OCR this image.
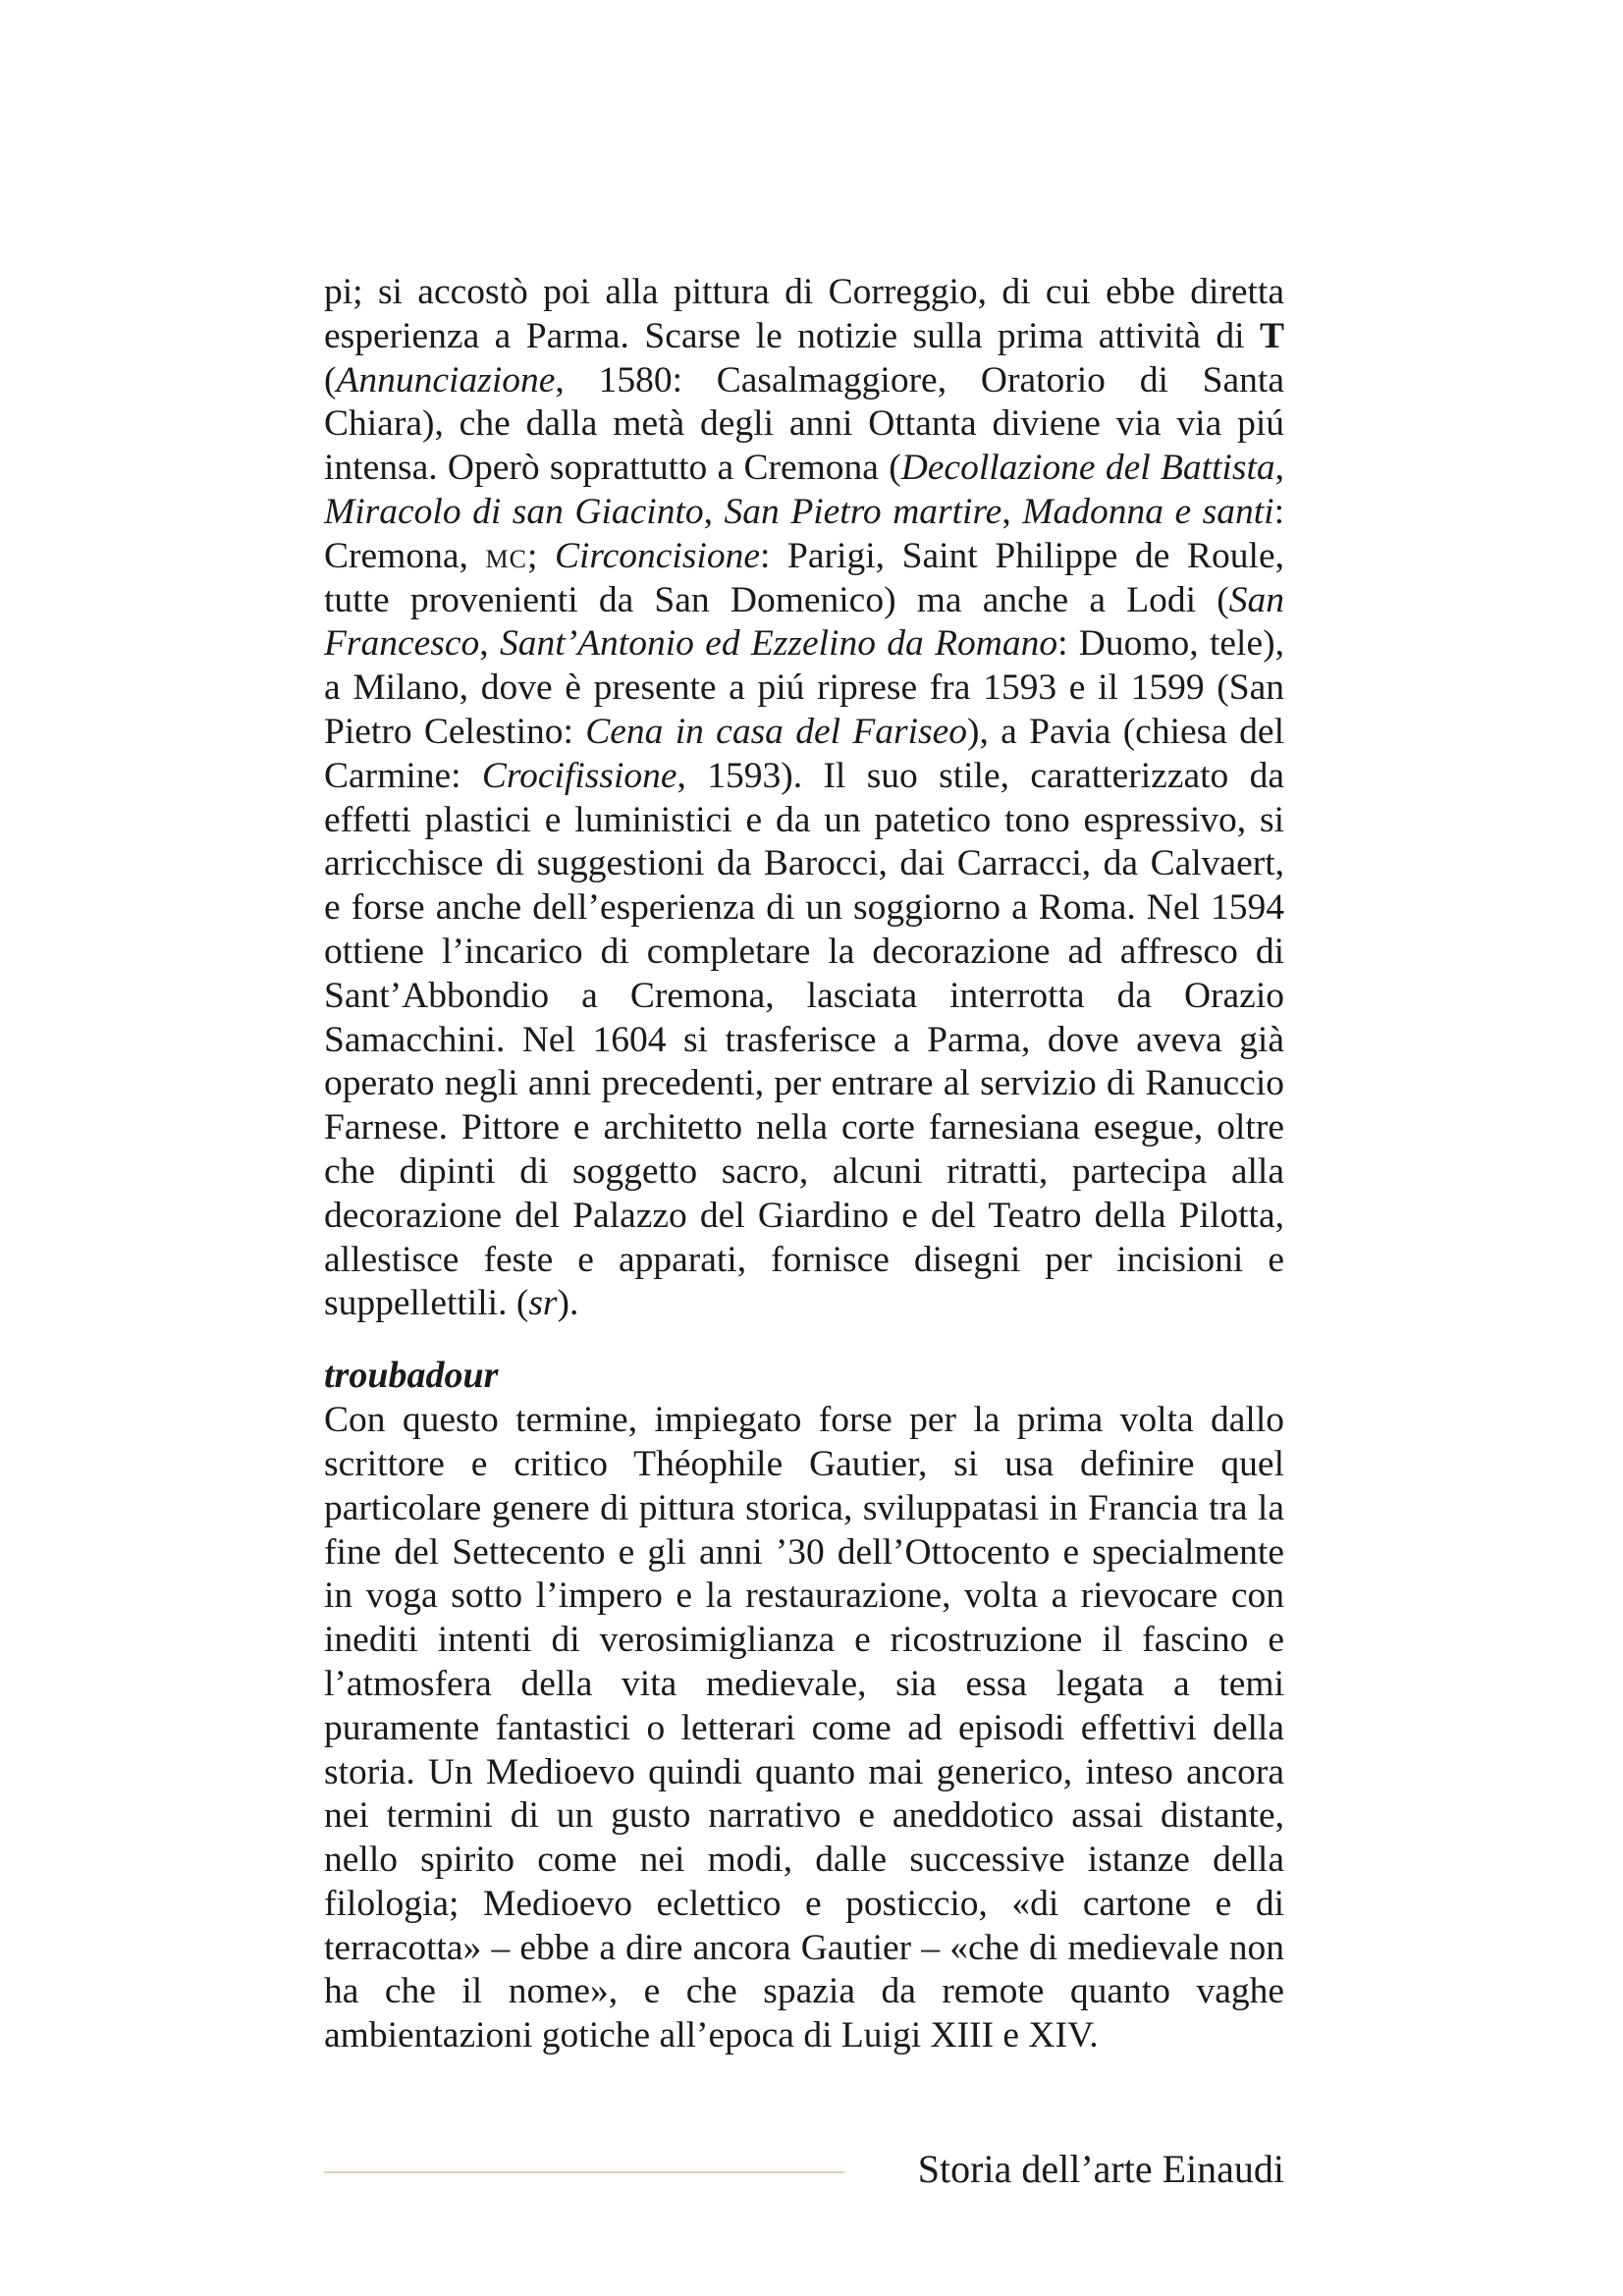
pi; si accostò poi alla pittura di Correggio, di cui ebbe diretta esperienza a Parma. Scarse le notizie sulla prima attività di T (Annunciazione, 1580: Casalmaggiore, Oratorio di Santa Chiara), che dalla metà degli anni Ottanta diviene via via piú intensa. Operò soprattutto a Cremona (Decollazione del Battista, Miracolo di san Giacinto, San Pietro martire, Madonna e santi: Cremona, mc; Circoncisione: Parigi, Saint Philippe de Roule, tutte provenienti da San Domenico) ma anche a Lodi (San Francesco, Sant’Antonio ed Ezzelino da Romano: Duomo, tele), a Milano, dove è presente a piú riprese fra 1593 e il 1599 (San Pietro Celestino: Cena in casa del Fariseo), a Pavia (chiesa del Carmine: Crocifissione, 1593). Il suo stile, caratterizzato da effetti plastici e luministici e da un patetico tono espressivo, si arricchisce di suggestioni da Barocci, dai Carracci, da Calvaert, e forse anche dell’esperienza di un soggiorno a Roma. Nel 1594 ottiene l’incarico di completare la decorazione ad affresco di Sant’Abbondio a Cremona, lasciata interrotta da Orazio Samacchini. Nel 1604 si trasferisce a Parma, dove aveva già operato negli anni precedenti, per entrare al servizio di Ranuccio Farnese. Pittore e architetto nella corte farnesiana esegue, oltre che dipinti di soggetto sacro, alcuni ritratti, partecipa alla decorazione del Palazzo del Giardino e del Teatro della Pilotta, allestisce feste e apparati, fornisce disegni per incisioni e suppellettili. (sr).

troubadour

Con questo termine, impiegato forse per la prima volta dallo scrittore e critico Théophile Gautier, si usa definire quel particolare genere di pittura storica, sviluppatasi in Francia tra la fine del Settecento e gli anni ’30 dell’Ottocento e specialmente in voga sotto l’impero e la restaurazione, volta a rievocare con inediti intenti di verosimiglianza e ricostruzione il fascino e l’atmosfera della vita medievale, sia essa legata a temi puramente fantastici o letterari come ad episodi effettivi della storia. Un Medioevo quindi quanto mai generico, inteso ancora nei termini di un gusto narrativo e aneddotico assai distante, nello spirito come nei modi, dalle successive istanze della filologia; Medioevo eclettico e posticcio, «di cartone e di terracotta» – ebbe a dire ancora Gautier – «che di medievale non ha che il nome», e che spazia da remote quanto vaghe ambientazioni gotiche all’epoca di Luigi XIII e XIV.

Storia dell’arte Einaudi
